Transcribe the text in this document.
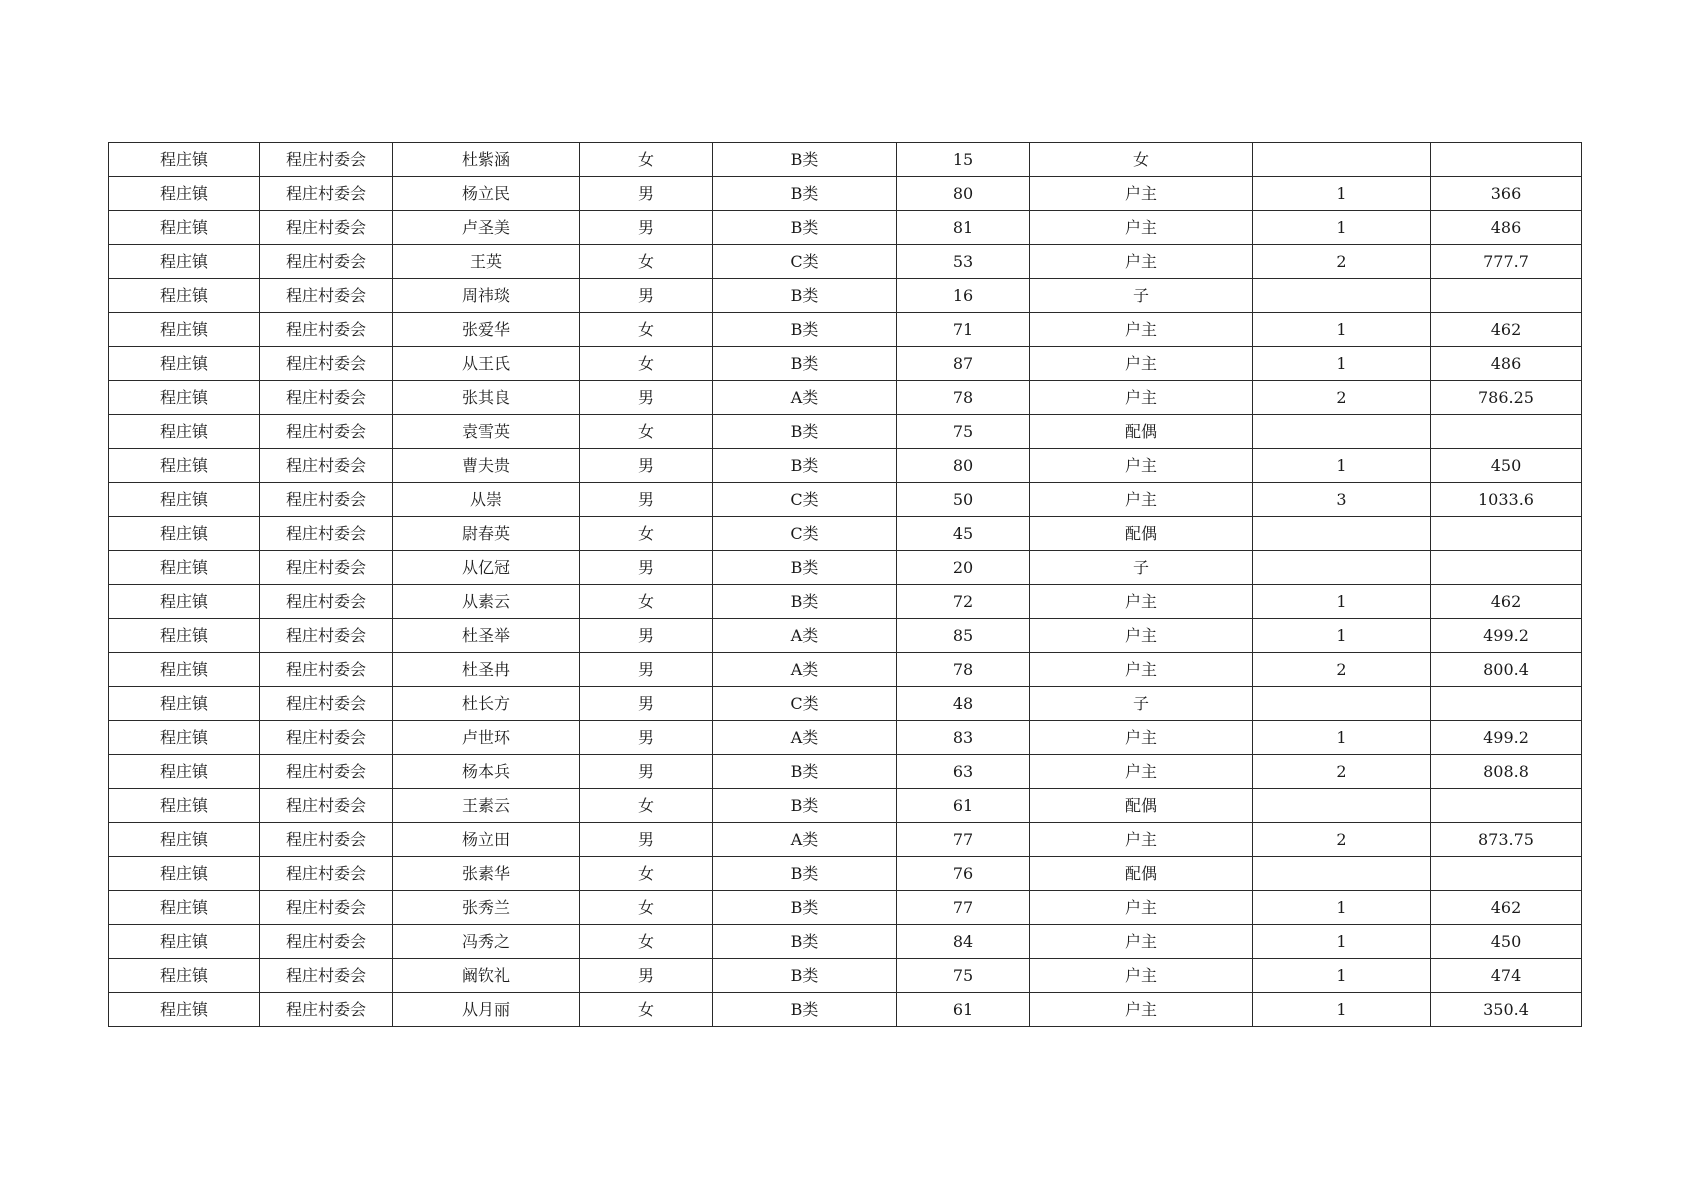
程庄镇	程庄村委会	杜紫涵	女	B类	15	女		
程庄镇	程庄村委会	杨立民	男	B类	80	户主	1	366
程庄镇	程庄村委会	卢圣美	男	B类	81	户主	1	486
程庄镇	程庄村委会	王英	女	C类	53	户主	2	777.7
程庄镇	程庄村委会	周祎琰	男	B类	16	子		
程庄镇	程庄村委会	张爱华	女	B类	71	户主	1	462
程庄镇	程庄村委会	从王氏	女	B类	87	户主	1	486
程庄镇	程庄村委会	张其良	男	A类	78	户主	2	786.25
程庄镇	程庄村委会	袁雪英	女	B类	75	配偶		
程庄镇	程庄村委会	曹夫贵	男	B类	80	户主	1	450
程庄镇	程庄村委会	从崇	男	C类	50	户主	3	1033.6
程庄镇	程庄村委会	尉春英	女	C类	45	配偶		
程庄镇	程庄村委会	从亿冠	男	B类	20	子		
程庄镇	程庄村委会	从素云	女	B类	72	户主	1	462
程庄镇	程庄村委会	杜圣举	男	A类	85	户主	1	499.2
程庄镇	程庄村委会	杜圣冉	男	A类	78	户主	2	800.4
程庄镇	程庄村委会	杜长方	男	C类	48	子		
程庄镇	程庄村委会	卢世环	男	A类	83	户主	1	499.2
程庄镇	程庄村委会	杨本兵	男	B类	63	户主	2	808.8
程庄镇	程庄村委会	王素云	女	B类	61	配偶		
程庄镇	程庄村委会	杨立田	男	A类	77	户主	2	873.75
程庄镇	程庄村委会	张素华	女	B类	76	配偶		
程庄镇	程庄村委会	张秀兰	女	B类	77	户主	1	462
程庄镇	程庄村委会	冯秀之	女	B类	84	户主	1	450
程庄镇	程庄村委会	阚钦礼	男	B类	75	户主	1	474
程庄镇	程庄村委会	从月丽	女	B类	61	户主	1	350.4
